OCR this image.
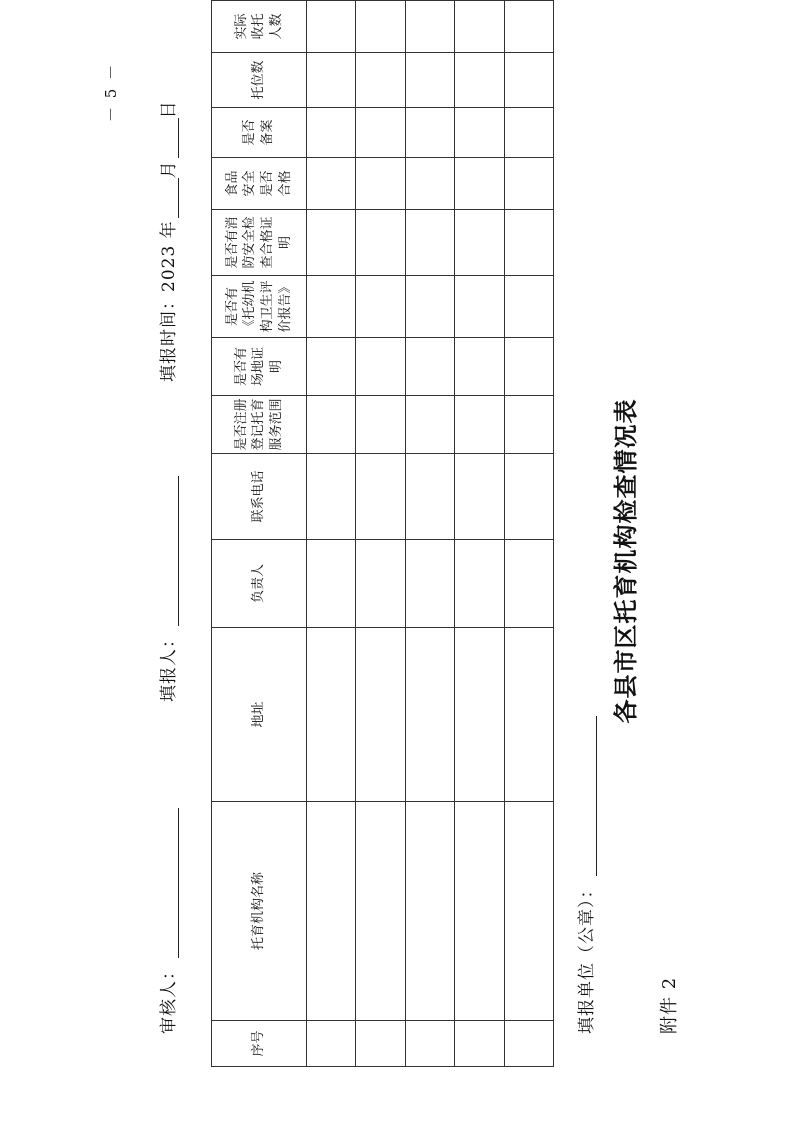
附件 2
各县市区托育机构检查情况表
填报单位（公章）：
序号	托育机构名称	地址	负责人	联系电话	是否注册登记托育服务范围	是否有场地证明	是否有《托幼机构卫生评价报告》	是否有消防安全检查合格证明	食品安全是否合格	是否备案	托位数	实际收托人数

审核人：
填报人：
填报时间：2023 年
月
日
－ 5 －
